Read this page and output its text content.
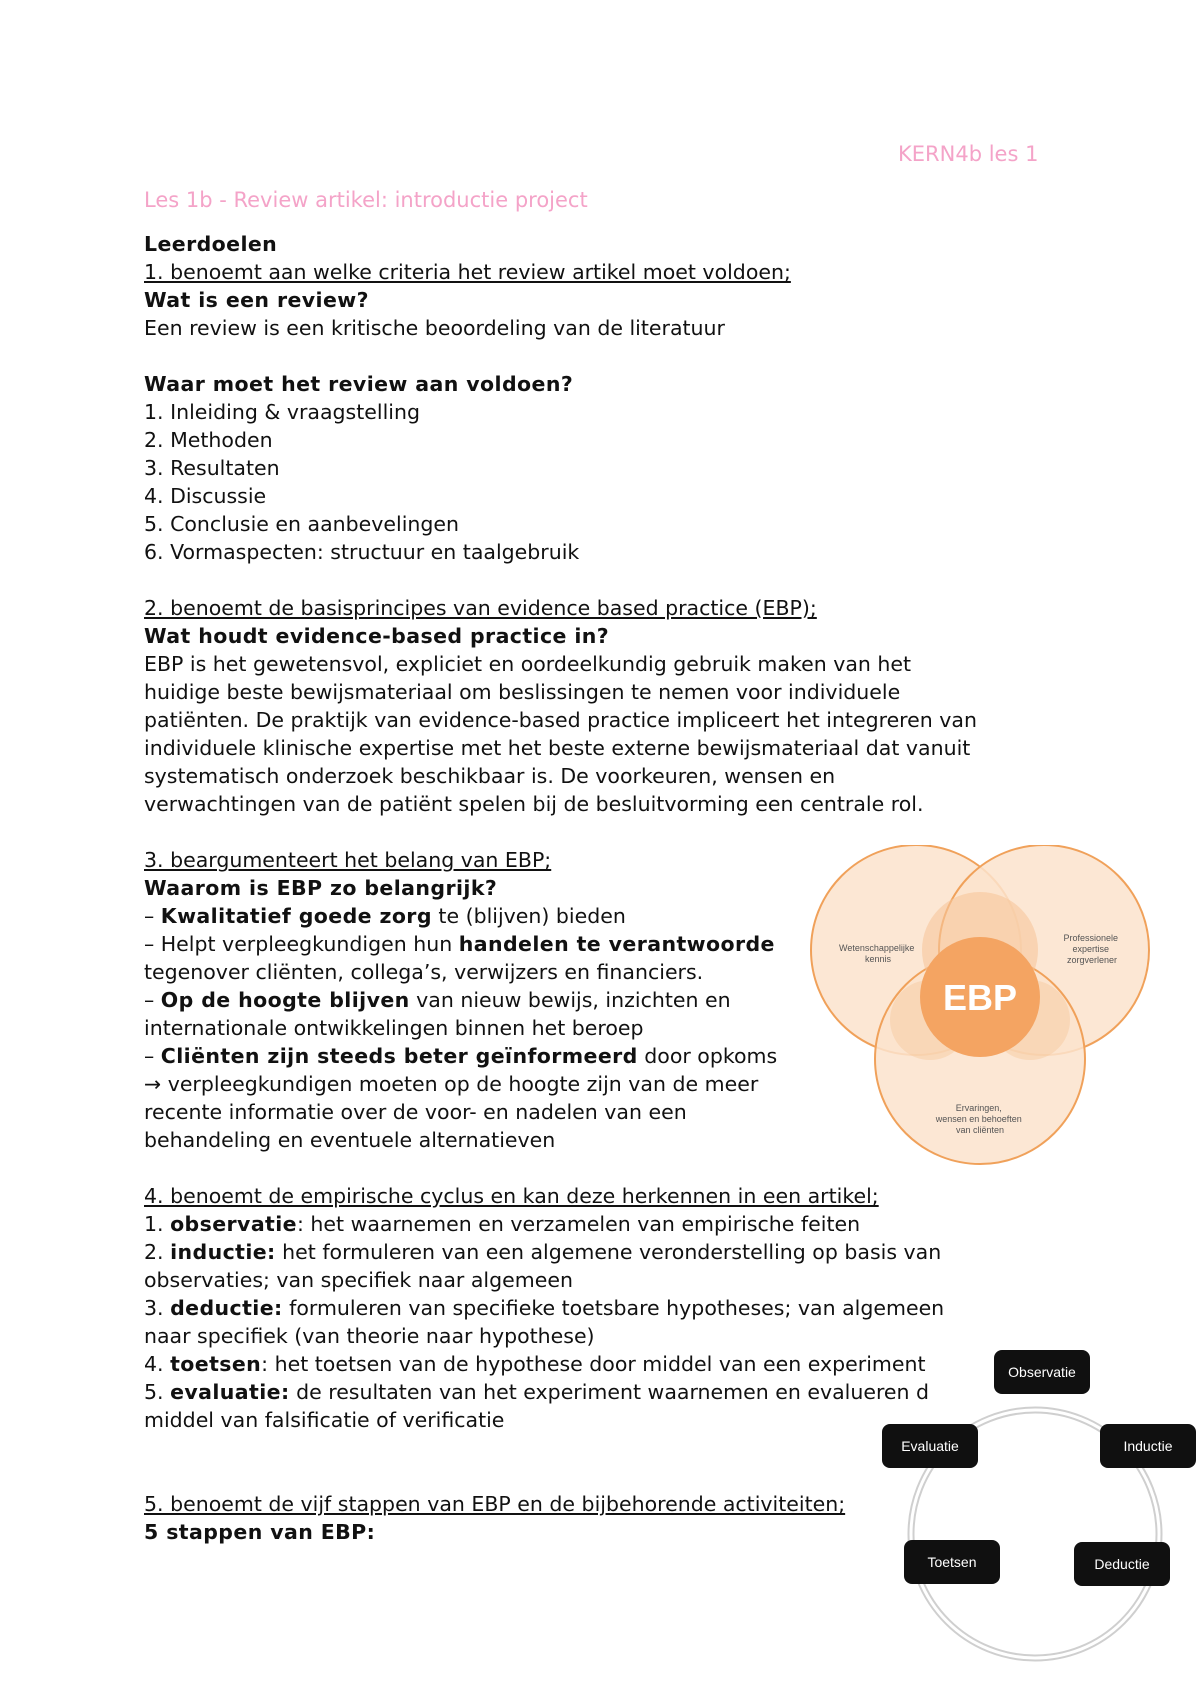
KERN4b les 1
Les 1b - Review artikel: introductie project
Leerdoelen
1. benoemt aan welke criteria het review artikel moet voldoen;
Wat is een review?
Een review is een kritische beoordeling van de literatuur
Waar moet het review aan voldoen?
1. Inleiding & vraagstelling
2. Methoden
3. Resultaten
4. Discussie
5. Conclusie en aanbevelingen
6. Vormaspecten: structuur en taalgebruik
2. benoemt de basisprincipes van evidence based practice (EBP);
Wat houdt evidence-based practice in?
EBP is het gewetensvol, expliciet en oordeelkundig gebruik maken van het
huidige beste bewijsmateriaal om beslissingen te nemen voor individuele
patiënten. De praktijk van evidence-based practice impliceert het integreren van
individuele klinische expertise met het beste externe bewijsmateriaal dat vanuit
systematisch onderzoek beschikbaar is. De voorkeuren, wensen en
verwachtingen van de patiënt spelen bij de besluitvorming een centrale rol.
3. beargumenteert het belang van EBP;
Waarom is EBP zo belangrijk?
– Kwalitatief goede zorg te (blijven) bieden
– Helpt verpleegkundigen hun handelen te verantwoorde
tegenover cliënten, collega’s, verwijzers en financiers.
– Op de hoogte blijven van nieuw bewijs, inzichten en
internationale ontwikkelingen binnen het beroep
– Cliënten zijn steeds beter geïnformeerd door opkoms
→ verpleegkundigen moeten op de hoogte zijn van de meer
recente informatie over de voor- en nadelen van een
behandeling en eventuele alternatieven
4. benoemt de empirische cyclus en kan deze herkennen in een artikel;
1. observatie: het waarnemen en verzamelen van empirische feiten
2. inductie: het formuleren van een algemene veronderstelling op basis van
observaties; van specifiek naar algemeen
3. deductie: formuleren van specifieke toetsbare hypotheses; van algemeen
naar specifiek (van theorie naar hypothese)
4. toetsen: het toetsen van de hypothese door middel van een experiment
5. evaluatie: de resultaten van het experiment waarnemen en evalueren d
middel van falsificatie of verificatie
5. benoemt de vijf stappen van EBP en de bijbehorende activiteiten;
5 stappen van EBP:
EBP
Wetenschappelijke kennis
Professionele expertise zorgverlener
Ervaringen, wensen en behoeften van cliënten
Observatie
Inductie
Deductie
Toetsen
Evaluatie
